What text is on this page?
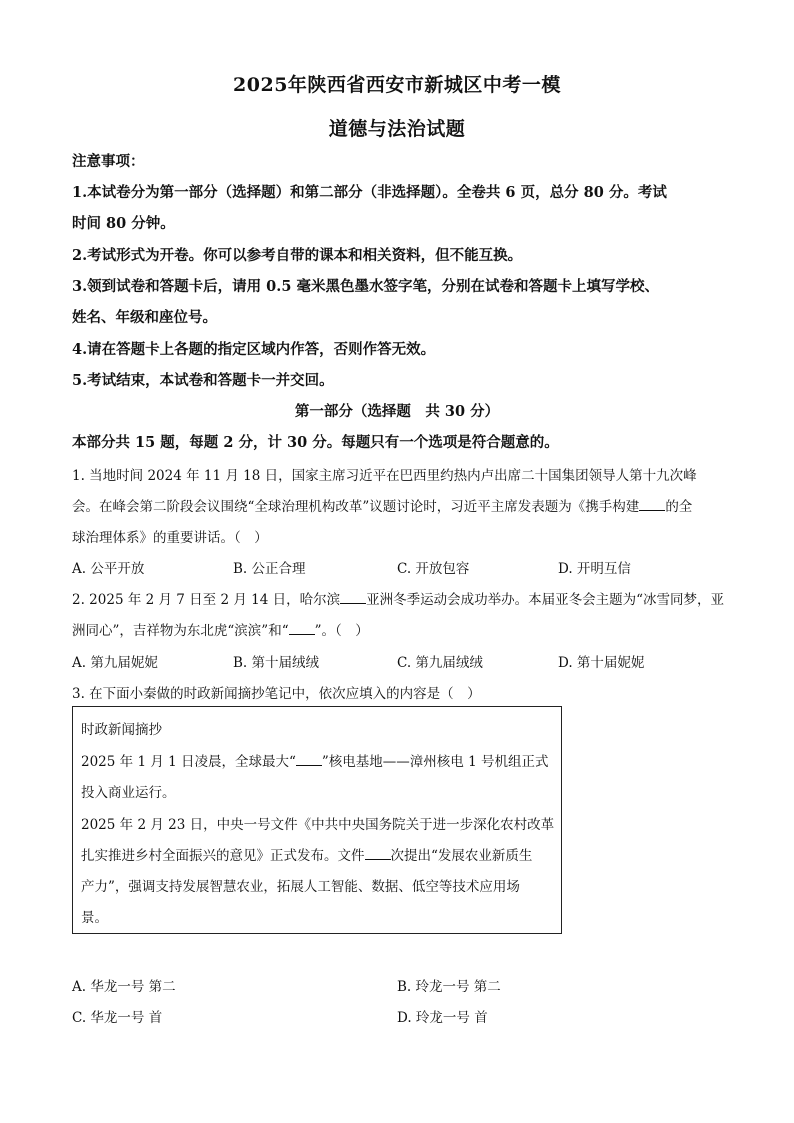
2025年陕西省西安市新城区中考一模
道德与法治试题
注意事项：
1.本试卷分为第一部分（选择题）和第二部分（非选择题）。全卷共 6 页，总分 80 分。考试
时间 80 分钟。
2.考试形式为开卷。你可以参考自带的课本和相关资料，但不能互换。
3.领到试卷和答题卡后，请用 0.5 毫米黑色墨水签字笔，分别在试卷和答题卡上填写学校、
姓名、年级和座位号。
4.请在答题卡上各题的指定区域内作答，否则作答无效。
5.考试结束，本试卷和答题卡一并交回。
第一部分（选择题　共 30 分）
本部分共 15 题，每题 2 分，计 30 分。每题只有一个选项是符合题意的。
1. 当地时间 2024 年 11 月 18 日，国家主席习近平在巴西里约热内卢出席二十国集团领导人第十九次峰
会。在峰会第二阶段会议围绕“全球治理机构改革”议题讨论时，习近平主席发表题为《携手构建 的全
球治理体系》的重要讲话。（　）
A. 公平开放	B. 公正合理	C. 开放包容	D. 开明互信
2. 2025 年 2 月 7 日至 2 月 14 日，哈尔滨 亚洲冬季运动会成功举办。本届亚冬会主题为“冰雪同梦，亚
洲同心”，吉祥物为东北虎“滨滨”和“ ”。（　）
A. 第九届妮妮	B. 第十届绒绒	C. 第九届绒绒	D. 第十届妮妮
3. 在下面小秦做的时政新闻摘抄笔记中，依次应填入的内容是（　）
时政新闻摘抄
2025 年 1 月 1 日凌晨，全球最大“ ”核电基地——漳州核电 1 号机组正式
投入商业运行。
2025 年 2 月 23 日，中央一号文件《中共中央国务院关于进一步深化农村改革
扎实推进乡村全面振兴的意见》正式发布。文件 次提出“发展农业新质生
产力”，强调支持发展智慧农业，拓展人工智能、数据、低空等技术应用场
景。
A. 华龙一号 第二	B. 玲龙一号 第二
C. 华龙一号 首	D. 玲龙一号 首
